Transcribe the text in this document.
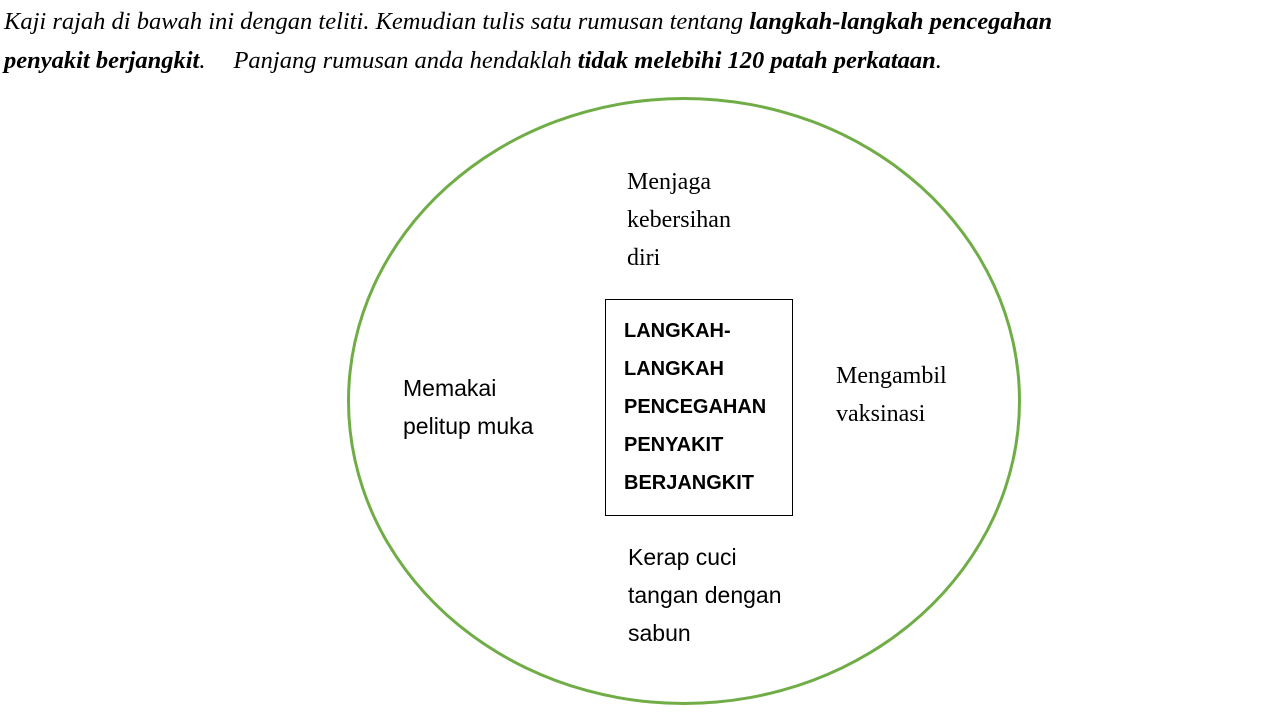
Kaji rajah di bawah ini dengan teliti. Kemudian tulis satu rumusan tentang langkah-langkah pencegahan
penyakit berjangkit. Panjang rumusan anda hendaklah tidak melebihi 120 patah perkataan.

LANGKAH-
LANGKAH
PENCEGAHAN
PENYAKIT
BERJANGKIT
Menjaga
kebersihan
diri
Memakai
pelitup muka
Mengambil
vaksinasi
Kerap cuci
tangan dengan
sabun
